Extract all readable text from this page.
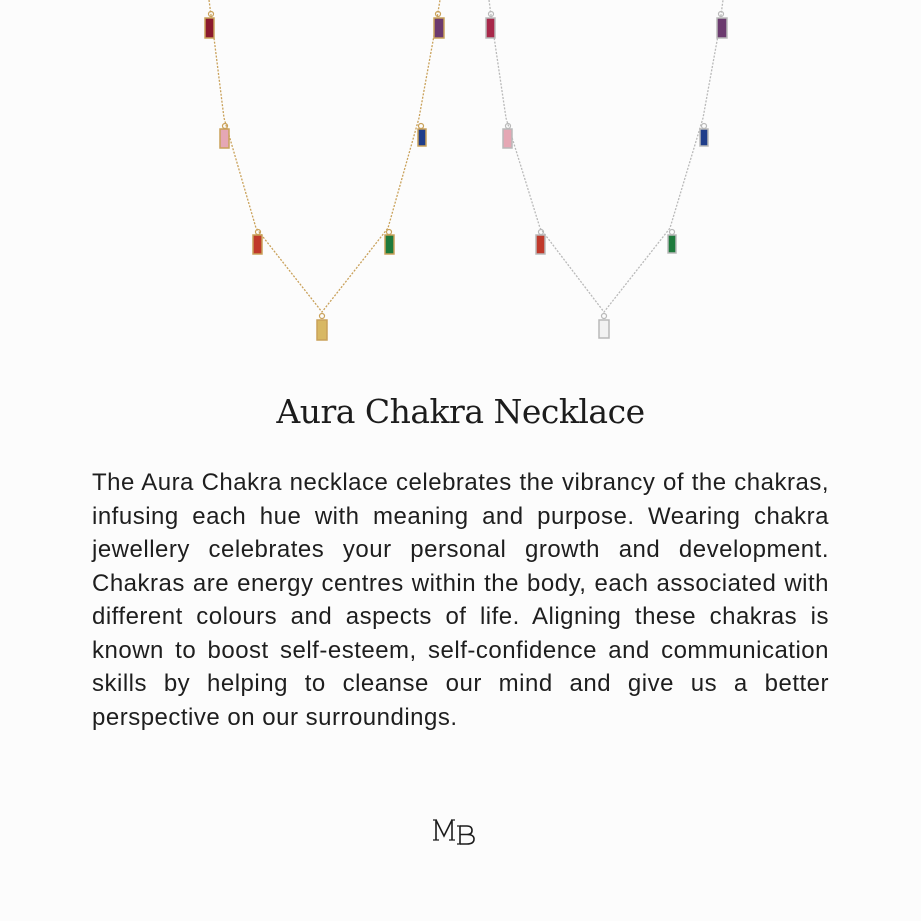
Aura Chakra Necklace

The Aura Chakra necklace celebrates the vibrancy of the chakras, infusing each hue with meaning and purpose. Wearing chakra jewellery celebrates your personal growth and development. Chakras are energy centres within the body, each associated with different colours and aspects of life. Aligning these chakras is known to boost self-esteem, self-confidence and communication skills by helping to cleanse our mind and give us a better perspective on our surroundings.
